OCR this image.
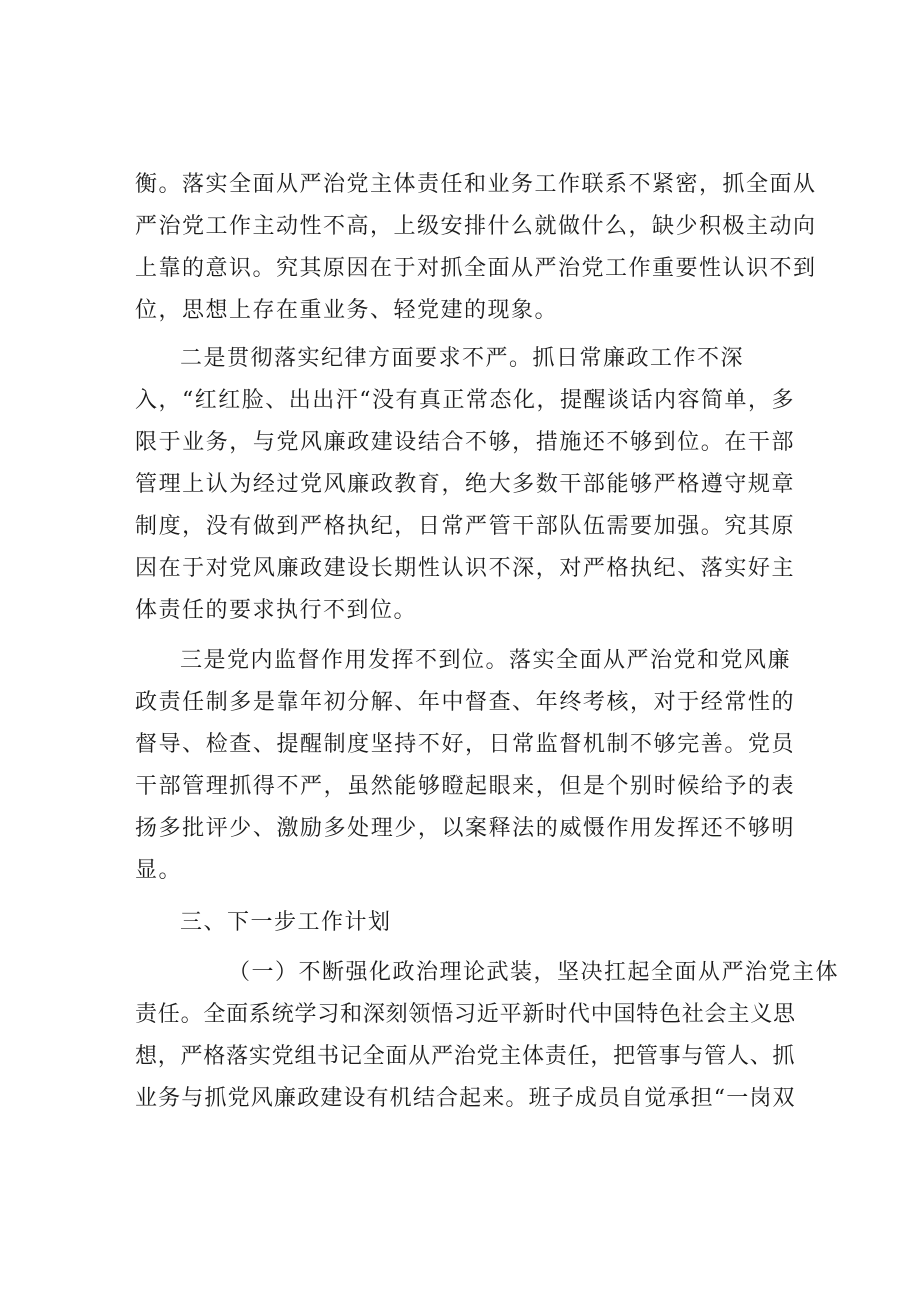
衡。落实全面从严治党主体责任和业务工作联系不紧密，抓全面从
严治党工作主动性不高，上级安排什么就做什么，缺少积极主动向
上靠的意识。究其原因在于对抓全面从严治党工作重要性认识不到
位，思想上存在重业务、轻党建的现象。
二是贯彻落实纪律方面要求不严。抓日常廉政工作不深
入，“红红脸、出出汗“没有真正常态化，提醒谈话内容简单，多
限于业务，与党风廉政建设结合不够，措施还不够到位。在干部
管理上认为经过党风廉政教育，绝大多数干部能够严格遵守规章
制度，没有做到严格执纪，日常严管干部队伍需要加强。究其原
因在于对党风廉政建设长期性认识不深，对严格执纪、落实好主
体责任的要求执行不到位。
三是党内监督作用发挥不到位。落实全面从严治党和党风廉
政责任制多是靠年初分解、年中督查、年终考核，对于经常性的
督导、检查、提醒制度坚持不好，日常监督机制不够完善。党员
干部管理抓得不严，虽然能够瞪起眼来，但是个别时候给予的表
扬多批评少、激励多处理少，以案释法的威慑作用发挥还不够明
显。
三、下一步工作计划
（一）不断强化政治理论武装，坚决扛起全面从严治党主体
责任。全面系统学习和深刻领悟习近平新时代中国特色社会主义思
想，严格落实党组书记全面从严治党主体责任，把管事与管人、抓
业务与抓党风廉政建设有机结合起来。班子成员自觉承担“一岗双
